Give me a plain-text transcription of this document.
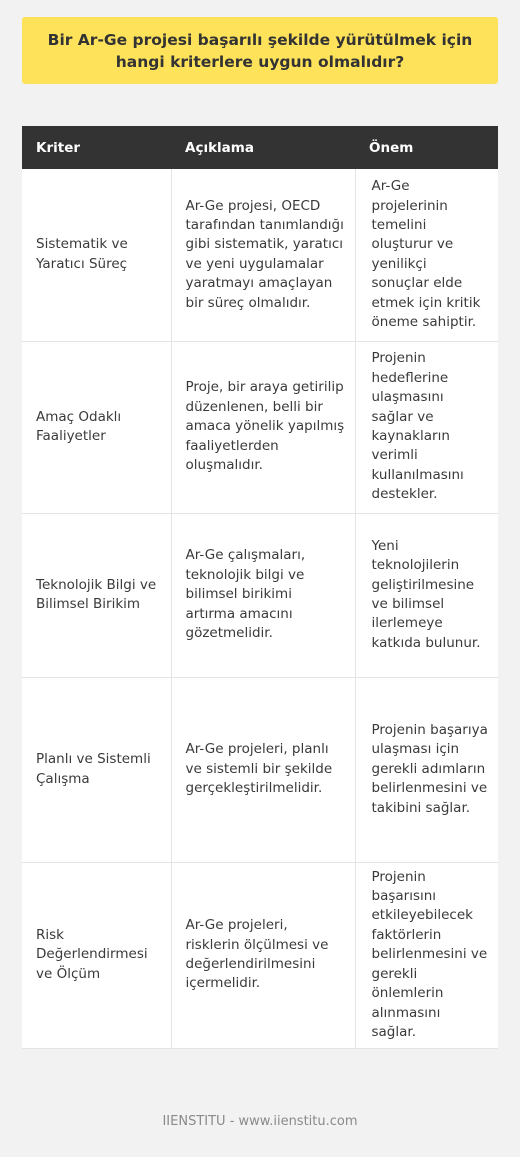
Bir Ar-Ge projesi başarılı şekilde yürütülmek için hangi kriterlere uygun olmalıdır?
Kriter	Açıklama	Önem
Sistematik ve Yaratıcı Süreç	Ar-Ge projesi, OECD tarafından tanımlandığı gibi sistematik, yaratıcı ve yeni uygulamalar yaratmayı amaçlayan bir süreç olmalıdır.	Ar-Ge projelerinin temelini oluşturur ve yenilikçi sonuçlar elde etmek için kritik öneme sahiptir.
Amaç Odaklı Faaliyetler	Proje, bir araya getirilip düzenlenen, belli bir amaca yönelik yapılmış faaliyetlerden oluşmalıdır.	Projenin hedeflerine ulaşmasını sağlar ve kaynakların verimli kullanılmasını destekler.
Teknolojik Bilgi ve Bilimsel Birikim	Ar-Ge çalışmaları, teknolojik bilgi ve bilimsel birikimi artırma amacını gözetmelidir.	Yeni teknolojilerin geliştirilmesine ve bilimsel ilerlemeye katkıda bulunur.
Planlı ve Sistemli Çalışma	Ar-Ge projeleri, planlı ve sistemli bir şekilde gerçekleştirilmelidir.	Projenin başarıya ulaşması için gerekli adımların belirlenmesini ve takibini sağlar.
Risk Değerlendirmesi ve Ölçüm	Ar-Ge projeleri, risklerin ölçülmesi ve değerlendirilmesini içermelidir.	Projenin başarısını etkileyebilecek faktörlerin belirlenmesini ve gerekli önlemlerin alınmasını sağlar.
IIENSTITU - www.iienstitu.com
